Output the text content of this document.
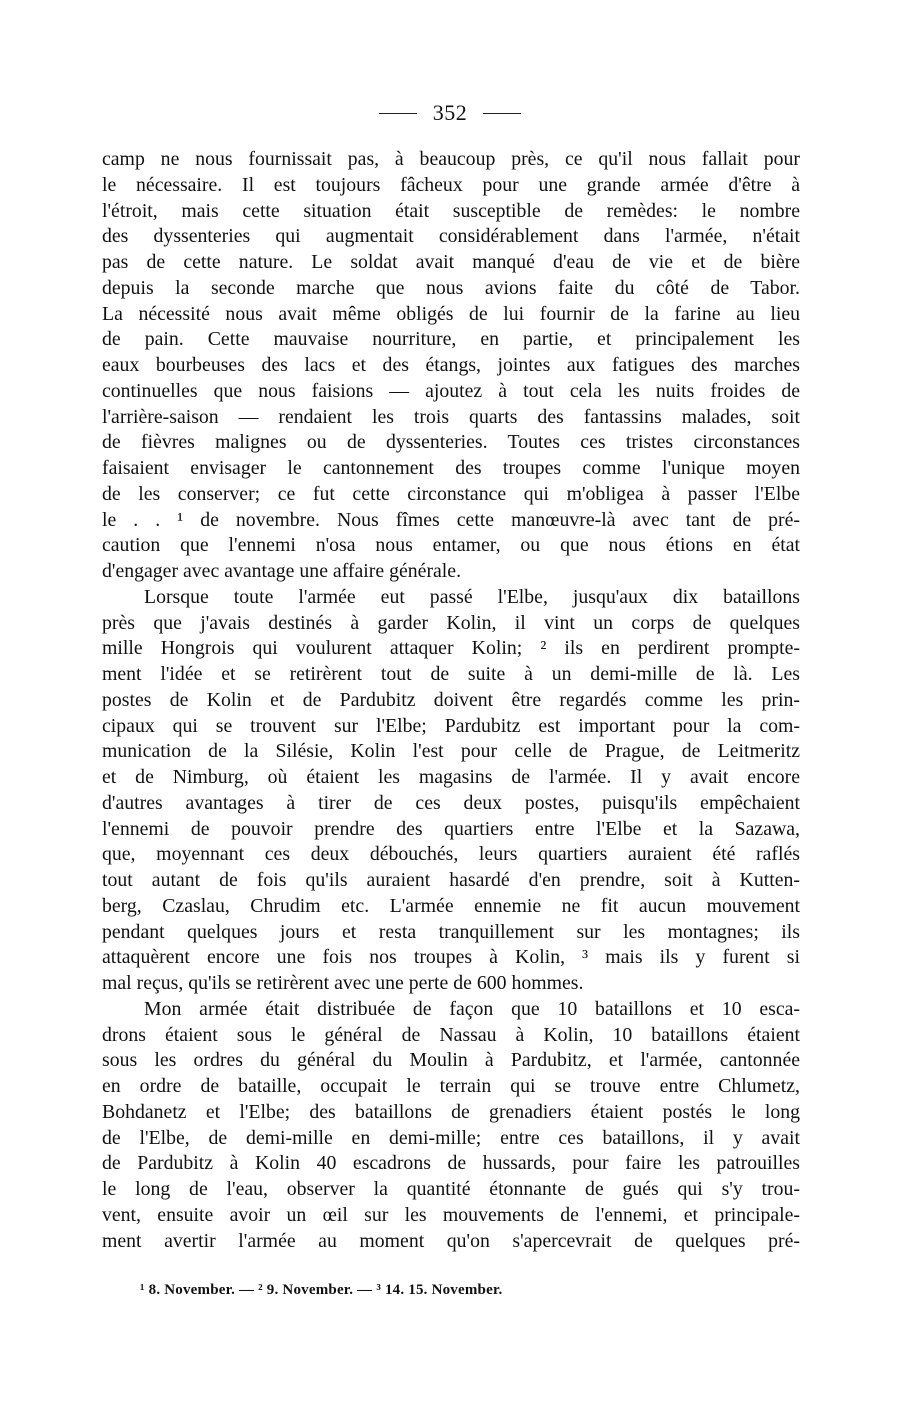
352

camp ne nous fournissait pas, à beaucoup près, ce qu'il nous fallait pour

le nécessaire. Il est toujours fâcheux pour une grande armée d'être à

l'étroit, mais cette situation était susceptible de remèdes: le nombre

des dyssenteries qui augmentait considérablement dans l'armée, n'était

pas de cette nature. Le soldat avait manqué d'eau de vie et de bière

depuis la seconde marche que nous avions faite du côté de Tabor.

La nécessité nous avait même obligés de lui fournir de la farine au lieu

de pain. Cette mauvaise nourriture, en partie, et principalement les

eaux bourbeuses des lacs et des étangs, jointes aux fatigues des marches

continuelles que nous faisions — ajoutez à tout cela les nuits froides de

l'arrière-saison — rendaient les trois quarts des fantassins malades, soit

de fièvres malignes ou de dyssenteries. Toutes ces tristes circonstances

faisaient envisager le cantonnement des troupes comme l'unique moyen

de les conserver; ce fut cette circonstance qui m'obligea à passer l'Elbe

le . . ¹ de novembre. Nous fîmes cette manœuvre-là avec tant de pré-

caution que l'ennemi n'osa nous entamer, ou que nous étions en état

d'engager avec avantage une affaire générale.

Lorsque toute l'armée eut passé l'Elbe, jusqu'aux dix bataillons

près que j'avais destinés à garder Kolin, il vint un corps de quelques

mille Hongrois qui voulurent attaquer Kolin; ² ils en perdirent prompte-

ment l'idée et se retirèrent tout de suite à un demi-mille de là. Les

postes de Kolin et de Pardubitz doivent être regardés comme les prin-

cipaux qui se trouvent sur l'Elbe; Pardubitz est important pour la com-

munication de la Silésie, Kolin l'est pour celle de Prague, de Leitmeritz

et de Nimburg, où étaient les magasins de l'armée. Il y avait encore

d'autres avantages à tirer de ces deux postes, puisqu'ils empêchaient

l'ennemi de pouvoir prendre des quartiers entre l'Elbe et la Sazawa,

que, moyennant ces deux débouchés, leurs quartiers auraient été raflés

tout autant de fois qu'ils auraient hasardé d'en prendre, soit à Kutten-

berg, Czaslau, Chrudim etc. L'armée ennemie ne fit aucun mouvement

pendant quelques jours et resta tranquillement sur les montagnes; ils

attaquèrent encore une fois nos troupes à Kolin, ³ mais ils y furent si

mal reçus, qu'ils se retirèrent avec une perte de 600 hommes.

Mon armée était distribuée de façon que 10 bataillons et 10 esca-

drons étaient sous le général de Nassau à Kolin, 10 bataillons étaient

sous les ordres du général du Moulin à Pardubitz, et l'armée, cantonnée

en ordre de bataille, occupait le terrain qui se trouve entre Chlumetz,

Bohdanetz et l'Elbe; des bataillons de grenadiers étaient postés le long

de l'Elbe, de demi-mille en demi-mille; entre ces bataillons, il y avait

de Pardubitz à Kolin 40 escadrons de hussards, pour faire les patrouilles

le long de l'eau, observer la quantité étonnante de gués qui s'y trou-

vent, ensuite avoir un œil sur les mouvements de l'ennemi, et principale-

ment avertir l'armée au moment qu'on s'apercevrait de quelques pré-

¹ 8. November. — ² 9. November. — ³ 14. 15. November.
